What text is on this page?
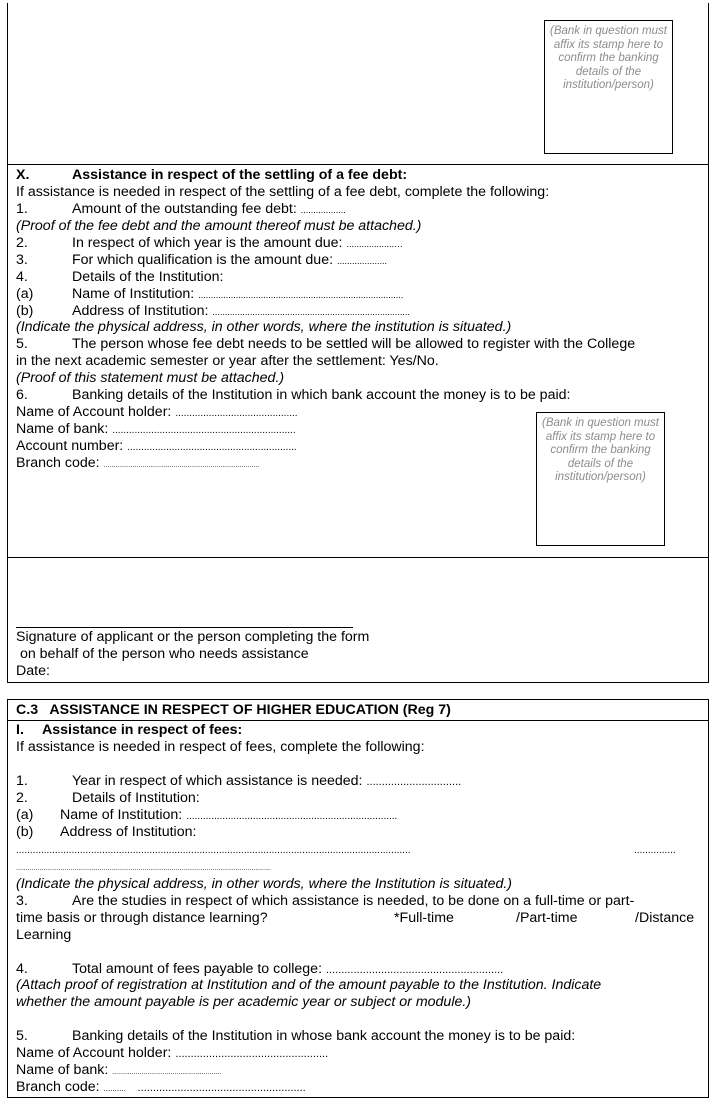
(Bank in question must affix its stamp here to confirm the banking details of the institution/person)
X.	Assistance in respect of the settling of a fee debt:
If assistance is needed in respect of the settling of a fee debt, complete the following:
1.	Amount of the outstanding fee debt: ..................
(Proof of the fee debt and the amount thereof must be attached.)
2.	In respect of which year is the amount due: ...................…
3.	For which qualification is the amount due: ....................
4.	Details of the Institution:
(a)	Name of Institution: ..................................................................................
(b)	Address of Institution: ...............................................................................
(Indicate the physical address, in other words, where the institution is situated.)
5.	The person whose fee debt needs to be settled will be allowed to register with the College
in the next academic semester or year after the settlement: Yes/No.
(Proof of this statement must be attached.)
6.	Banking details of the Institution in which bank account the money is to be paid:
Name of Account holder: ............................................
Name of bank: ..................................................................
Account number: .............................................................
Branch code: ................................................................................
(Bank in question must affix its stamp here to confirm the banking details of the institution/person)
Signature of applicant or the person completing the form
on behalf of the person who needs assistance
Date:
C.3   ASSISTANCE IN RESPECT OF HIGHER EDUCATION (Reg 7)
I. Assistance in respect of fees:
If assistance is needed in respect of fees, complete the following:
1.	Year in respect of which assistance is needed: ...............................
2.	Details of Institution:
(a) Name of Institution: ............................................................................
(b) Address of Institution:
..............................................................................................................................................	...............
...................................................................................................................................
(Indicate the physical address, in other words, where the Institution is situated.)
3.	Are the studies in respect of which assistance is needed, to be done on a full-time or part-
time basis or through distance learning?	*Full-time	/Part-time	/Distance
Learning
4.	Total amount of fees payable to college: ..........................................................
(Attach proof of registration at Institution and of the amount payable to the Institution. Indicate
whether the amount payable is per academic year or subject or module.)
5.	Banking details of the Institution in whose bank account the money is to be paid:
Name of Account holder: ..................................................
Name of bank: ........................................................
Branch code: .......... .......................................................
